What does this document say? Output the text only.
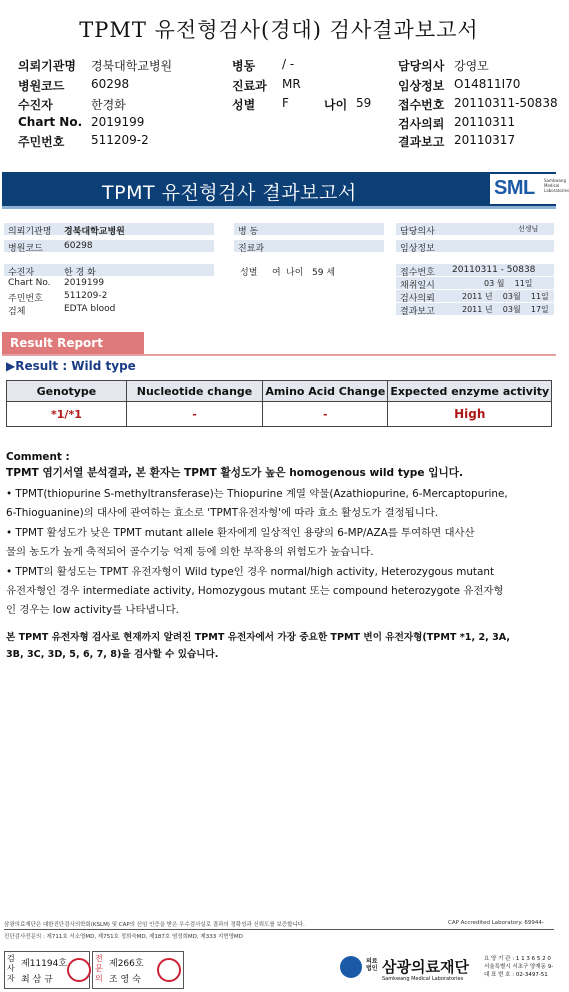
TPMT 유전형검사(경대) 검사결과보고서
의뢰기관명 경북대학교병원
병원코드 60298
수진자	한경화
Chart No. 2019199
주민번호 511209-2
병동 / -
진료과 MR
성별 F	나이 59
담당의사 강영모
임상정보 O14811I70
접수번호 20110311-50838
검사의뢰 20110311
결과보고 20110317
TPMT 유전형검사 결과보고서	SML Samkwang Medical Laboratories
의뢰기관명 경북대학교병원
병원코드 60298
병 동
진료과
담당의사	선생님
임상정보
수진자	한 경 화
Chart No. 2019199
주민번호 511209-2
검체	EDTA blood
성별 여 나이 59 세	접수번호 20110311 - 50838
채취일시	03 월    11일
검사의뢰	2011 년    03월    11일
결과보고	2011 년    03월    17일
Result Report
▶Result : Wild type
Genotype	Nucleotide change	Amino Acid Change	Expected enzyme activity
*1/*1	-	-	High
Comment :
TPMT 염기서열 분석결과, 본 환자는 TPMT 활성도가 높은 homogenous wild type 입니다.
• TPMT(thiopurine S-methyltransferase)는 Thiopurine 계열 약물(Azathiopurine, 6-Mercaptopurine,
6-Thioguanine)의 대사에 관여하는 효소로 'TPMT유전자형'에 따라 효소 활성도가 결정됩니다.
• TPMT 활성도가 낮은 TPMT mutant allele 환자에게 일상적인 용량의 6-MP/AZA를 투여하면 대사산
물의 농도가 높게 축적되어 골수기능 억제 등에 의한 부작용의 위험도가 높습니다.
• TPMT의 활성도는 TPMT 유전자형이 Wild type인 경우 normal/high activity, Heterozygous mutant
유전자형인 경우 intermediate activity, Homozygous mutant 또는 compound heterozygote 유전자형
인 경우는 low activity를 나타냅니다.
본 TPMT 유전자형 검사로 현재까지 알려진 TPMT 유전자에서 가장 중요한 TPMT 변이 유전자형(TPMT *1, 2, 3A,
3B, 3C, 3D, 5, 6, 7, 8)을 검사할 수 있습니다.
삼광의료재단은 대한진단검사의학회(KSLM) 및 CAP의 신임 인증을 받은 우수검사실로 결과의 정확성과 신뢰도를 보증합니다.	CAP Accredited Laboratory. 69944-
진단검사전문의 : 제711호 서소영MD, 제751호 정희숙MD, 제187호 염정희MD, 제333 지현영MD
검사자
제11194호
최 삼 규
전문의
제266호
조 영 숙
의료
법인 삼광의료재단
Samkwang Medical Laboratories
요 양 기 관 : 1 1 3 6 5 2 0
서울특별시 서초구 양재동 9-
대 표 번 호 : 02-3497-51
